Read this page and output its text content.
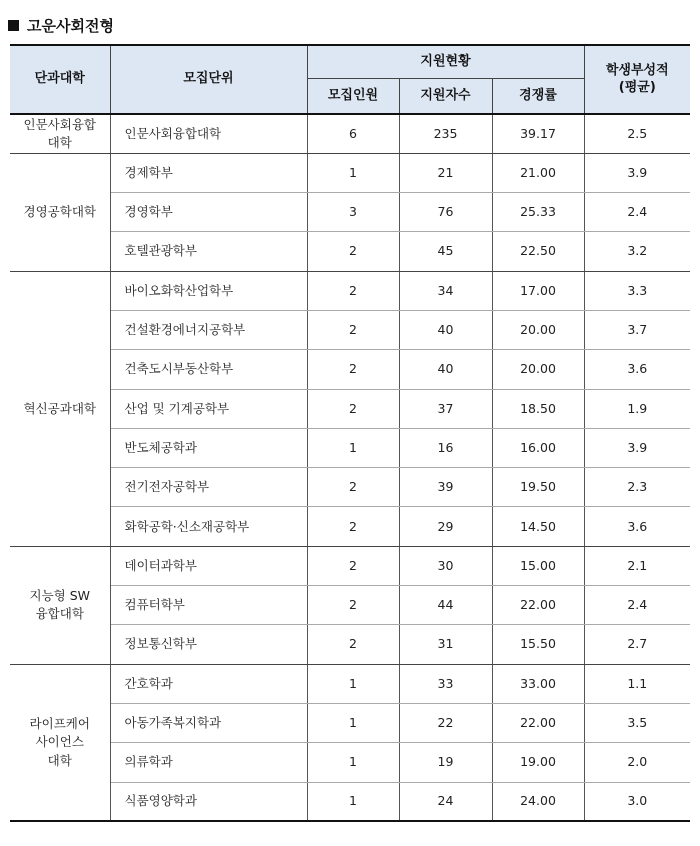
고운사회전형
단과대학	모집단위	지원현황			학생부성적
(평균)
		모집인원	지원자수	경쟁률	
인문사회융합
대학	인문사회융합대학	6	235	39.17	2.5
경영공학대학	경제학부	1	21	21.00	3.9
	경영학부	3	76	25.33	2.4
	호텔관광학부	2	45	22.50	3.2
혁신공과대학	바이오화학산업학부	2	34	17.00	3.3
	건설환경에너지공학부	2	40	20.00	3.7
	건축도시부동산학부	2	40	20.00	3.6
	산업 및 기계공학부	2	37	18.50	1.9
	반도체공학과	1	16	16.00	3.9
	전기전자공학부	2	39	19.50	2.3
	화학공학·신소재공학부	2	29	14.50	3.6
지능형 SW
융합대학	데이터과학부	2	30	15.00	2.1
	컴퓨터학부	2	44	22.00	2.4
	정보통신학부	2	31	15.50	2.7
라이프케어
사이언스
대학	간호학과	1	33	33.00	1.1
	아동가족복지학과	1	22	22.00	3.5
	의류학과	1	19	19.00	2.0
	식품영양학과	1	24	24.00	3.0
